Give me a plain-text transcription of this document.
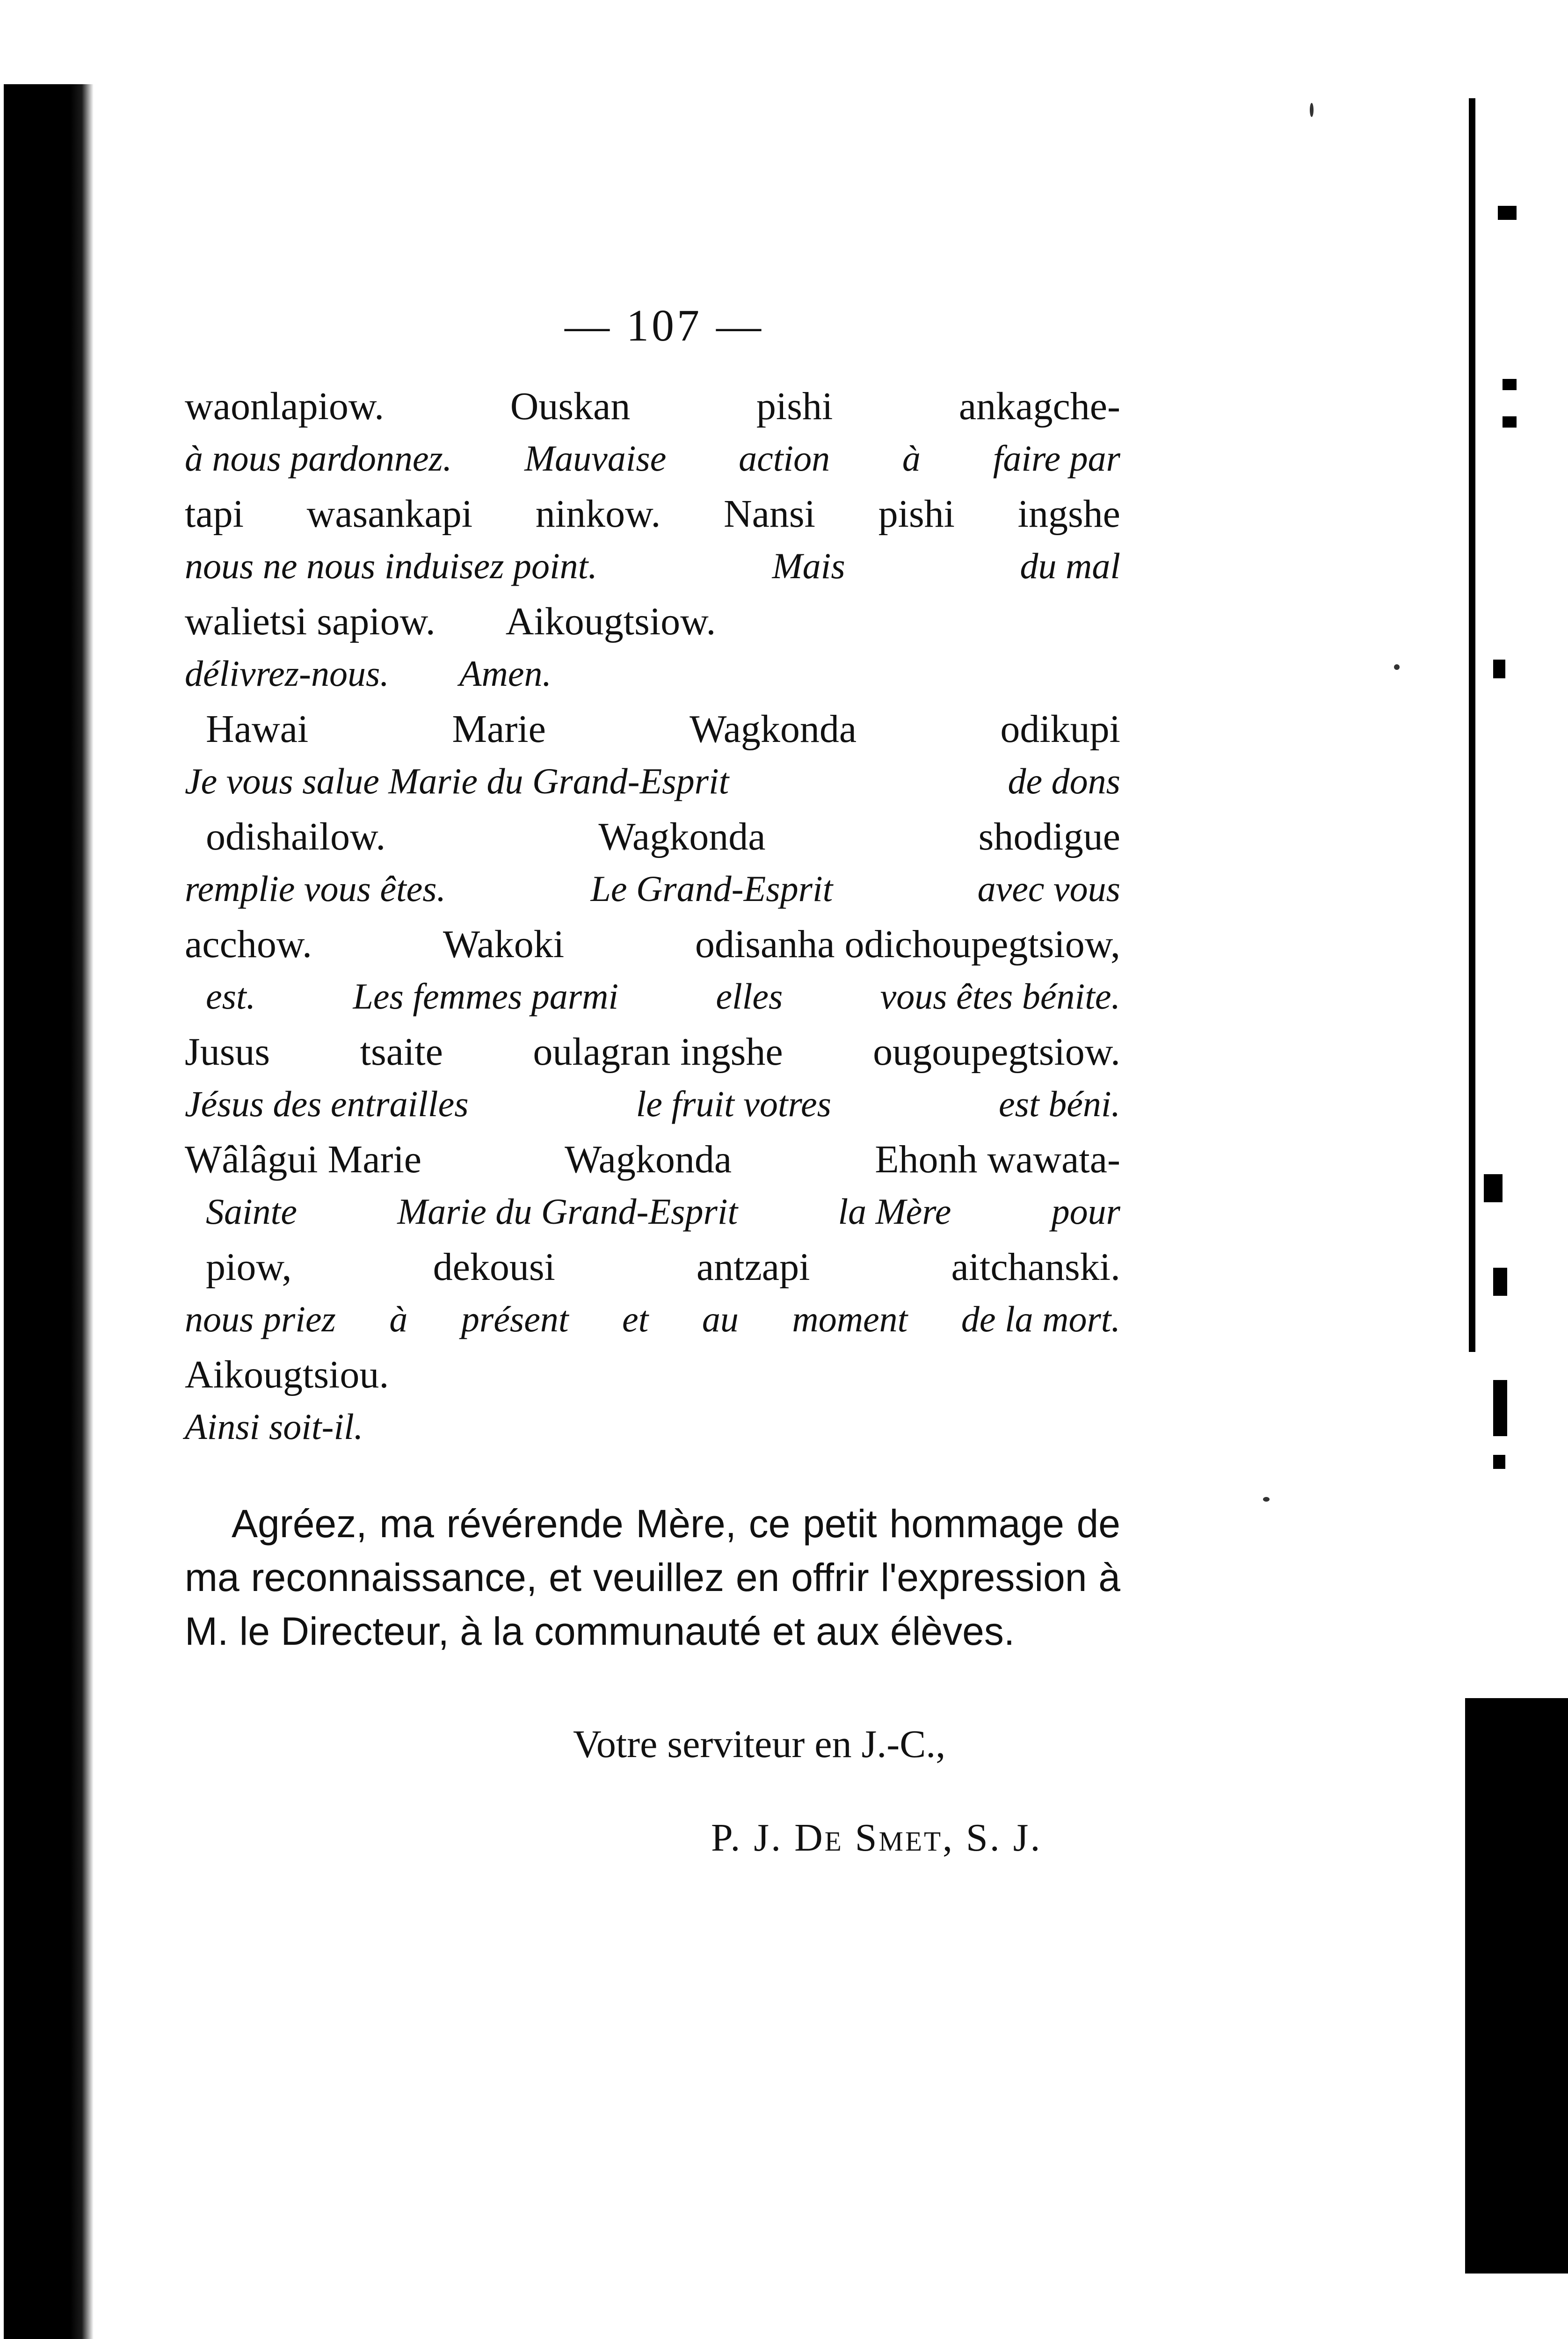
— 107 —
waonlapiow.	Ouskan	pishi	ankagche-
à nous pardonnez. Mauvaise action à faire par
tapi wasankapi ninkow. Nansi pishi ingshe
nous ne nous induisez point.	Mais	du mal
walietsi sapiow. Aikougtsiow.
délivrez-nous. Amen.
Hawai	Marie	Wagkonda	odikupi
Je vous salue Marie du Grand-Esprit	de dons
odishailow.	Wagkonda	shodigue
remplie vous êtes.	Le Grand-Esprit	avec vous
acchow.	Wakoki	odisanha odichoupegtsiow,
est.	Les femmes parmi	elles	vous êtes bénite.
Jusus tsaite oulagran ingshe ougoupegtsiow.
Jésus des entrailles	le fruit votres	est béni.
Wâlâgui Marie	Wagkonda	Ehonh wawata-
Sainte	Marie du Grand-Esprit	la Mère	pour
piow,	dekousi	antzapi	aitchanski.
nous priez à présent et au moment de la mort.
Aikougtsiou.
Ainsi soit-il.

Agréez, ma révérende Mère, ce petit hommage de ma reconnaissance, et veuillez en offrir l'expression à M. le Directeur, à la communauté et aux élèves.

Votre serviteur en J.-C.,
P. J. De Smet, S. J.
